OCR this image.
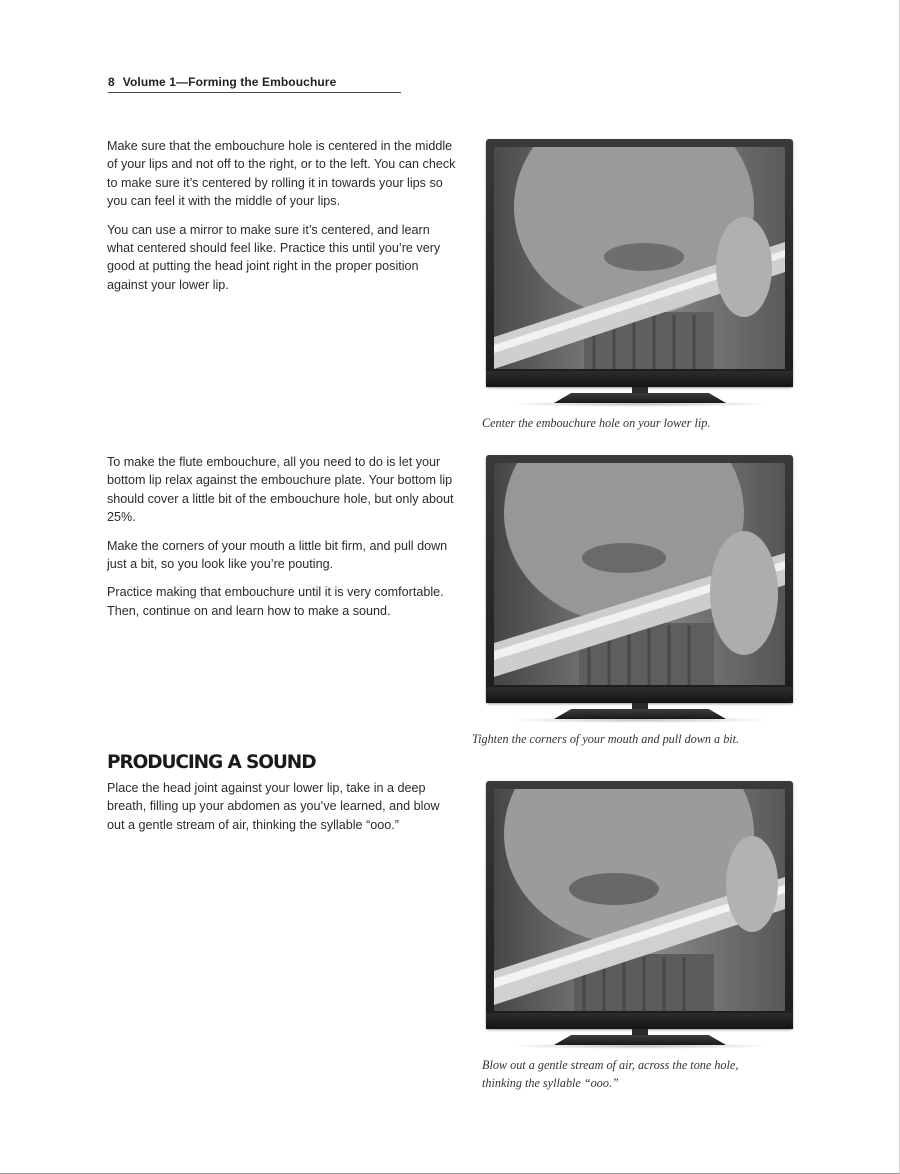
8 Volume 1—Forming the Embouchure

Make sure that the embouchure hole is centered in the middle of your lips and not off to the right, or to the left. You can check to make sure it’s centered by rolling it in towards your lips so you can feel it with the middle of your lips.

You can use a mirror to make sure it’s centered, and learn what centered should feel like. Practice this until you’re very good at putting the head joint right in the proper position against your lower lip.

To make the flute embouchure, all you need to do is let your bottom lip relax against the embouchure plate. Your bottom lip should cover a little bit of the embouchure hole, but only about 25%.

Make the corners of your mouth a little bit firm, and pull down just a bit, so you look like you’re pouting.

Practice making that embouchure until it is very comfortable. Then, continue on and learn how to make a sound.

PRODUCING A SOUND

Place the head joint against your lower lip, take in a deep breath, filling up your abdomen as you’ve learned, and blow out a gentle stream of air, thinking the syllable “ooo.”

Center the embouchure hole on your lower lip.
Tighten the corners of your mouth and pull down a bit.
Blow out a gentle stream of air, across the tone hole,
thinking the syllable “ooo.”
